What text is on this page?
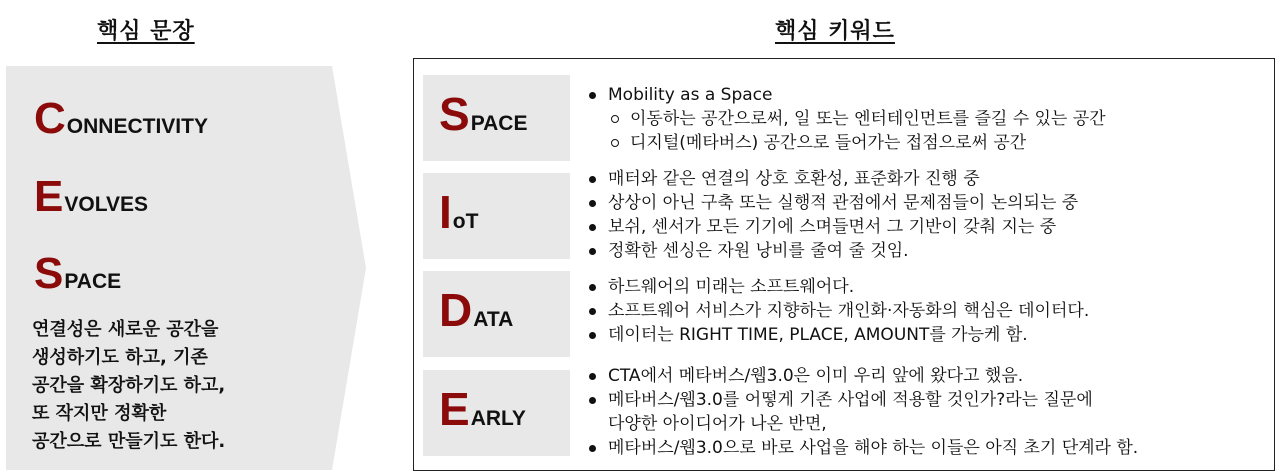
핵심 문장	핵심 키워드
CONNECTIVITY
EVOLVES
SPACE
연결성은 새로운 공간을
생성하기도 하고, 기존
공간을 확장하기도 하고,
또 작지만 정확한
공간으로 만들기도 한다.
SPACE
Mobility as a Space
이동하는 공간으로써, 일 또는 엔터테인먼트를 즐길 수 있는 공간
디지털(메타버스) 공간으로 들어가는 접점으로써 공간
IoT
매터와 같은 연결의 상호 호환성, 표준화가 진행 중
상상이 아닌 구축 또는 실행적 관점에서 문제점들이 논의되는 중
보쉬, 센서가 모든 기기에 스며들면서 그 기반이 갖춰 지는 중
정확한 센싱은 자원 낭비를 줄여 줄 것임.
DATA
하드웨어의 미래는 소프트웨어다.
소프트웨어 서비스가 지향하는 개인화·자동화의 핵심은 데이터다.
데이터는 RIGHT TIME, PLACE, AMOUNT를 가능케 함.
EARLY
CTA에서 메타버스/웹3.0은 이미 우리 앞에 왔다고 했음.
메타버스/웹3.0를 어떻게 기존 사업에 적용할 것인가?라는 질문에
다양한 아이디어가 나온 반면,
메타버스/웹3.0으로 바로 사업을 해야 하는 이들은 아직 초기 단계라 함.
